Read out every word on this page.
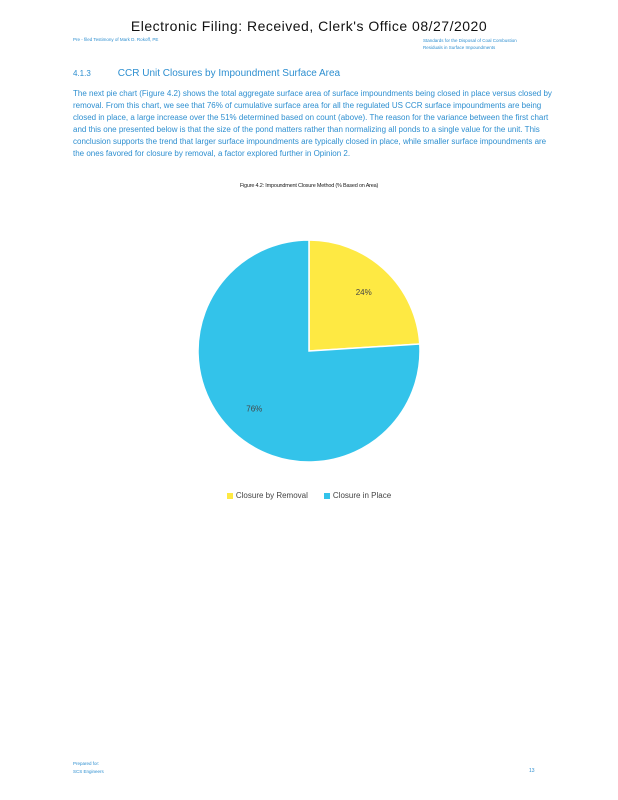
Electronic Filing: Received, Clerk's Office 08/27/2020
Pre - filed Testimony of Mark D. Rokoff, PE	Standards for the Disposal of Coal Combustion Residuals in Surface Impoundments
4.1.3	CCR Unit Closures by Impoundment Surface Area
The next pie chart (Figure 4.2) shows the total aggregate surface area of surface impoundments being closed in place versus closed by removal. From this chart, we see that 76% of cumulative surface area for all the regulated US CCR surface impoundments are being closed in place, a large increase over the 51% determined based on count (above). The reason for the variance between the first chart and this one presented below is that the size of the pond matters rather than normalizing all ponds to a single value for the unit. This conclusion supports the trend that larger surface impoundments are typically closed in place, while smaller surface impoundments are the ones favored for closure by removal, a factor explored further in Opinion 2.
Figure 4.2: Impoundment Closure Method (% Based on Area)
24%
76%
Closure by Removal	Closure in Place
Prepared for:
SCS Engineers	13
